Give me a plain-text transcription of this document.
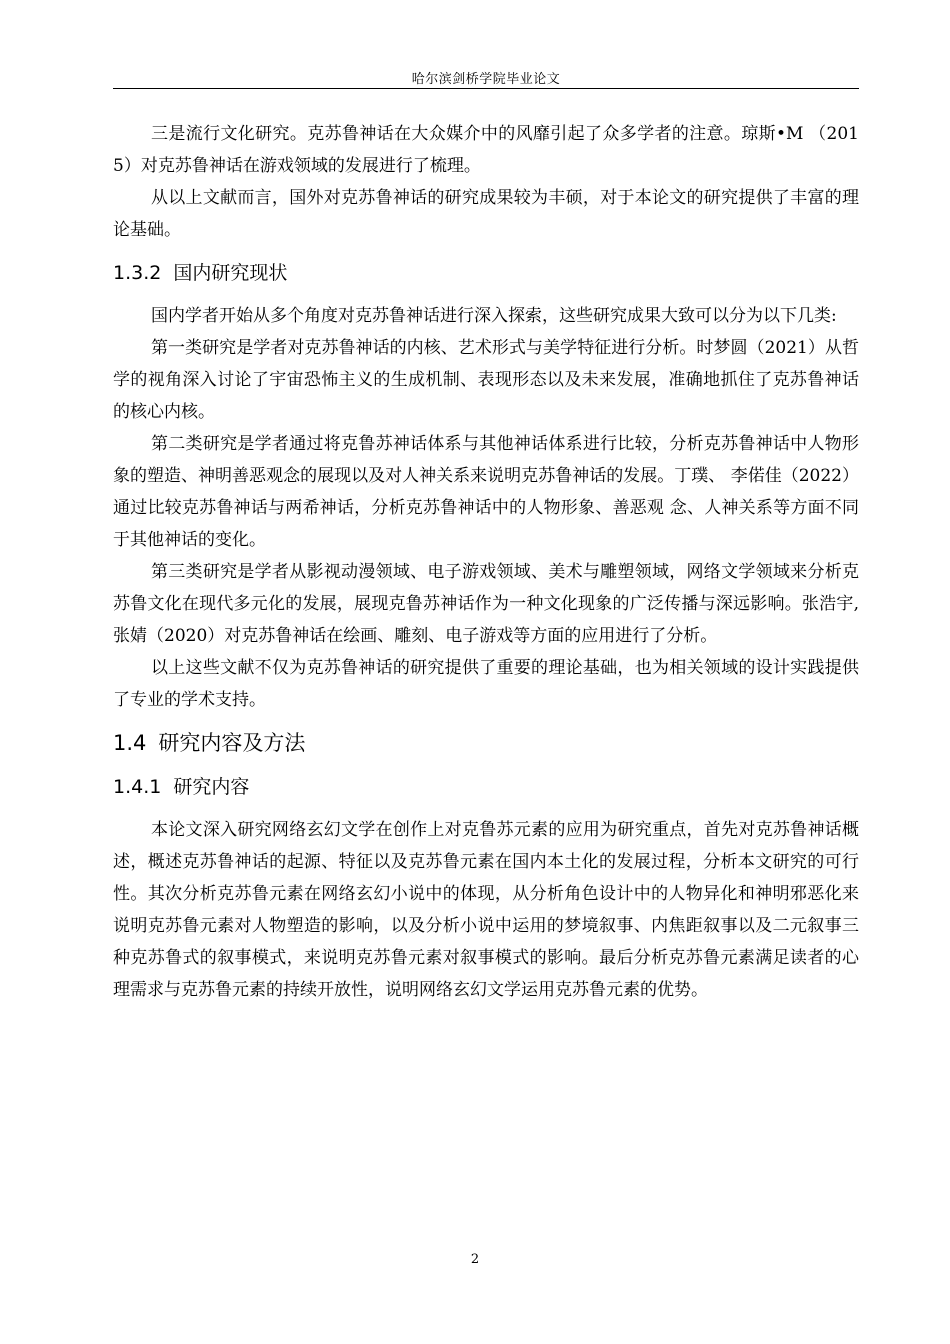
哈尔滨剑桥学院毕业论文

三是流行文化研究。克苏鲁神话在大众媒介中的风靡引起了众多学者的注意。琼斯•M （2015）对克苏鲁神话在游戏领域的发展进行了梳理。

从以上文献而言，国外对克苏鲁神话的研究成果较为丰硕，对于本论文的研究提供了丰富的理论基础。

1.3.2 国内研究现状

国内学者开始从多个角度对克苏鲁神话进行深入探索，这些研究成果大致可以分为以下几类:

第一类研究是学者对克苏鲁神话的内核、艺术形式与美学特征进行分析。时梦圆（2021）从哲学的视角深入讨论了宇宙恐怖主义的生成机制、表现形态以及未来发展，准确地抓住了克苏鲁神话的核心内核。

第二类研究是学者通过将克鲁苏神话体系与其他神话体系进行比较，分析克苏鲁神话中人物形象的塑造、神明善恶观念的展现以及对人神关系来说明克苏鲁神话的发展。丁璞、 李偌佳（2022）通过比较克苏鲁神话与两希神话，分析克苏鲁神话中的人物形象、善恶观 念、人神关系等方面不同于其他神话的变化。

第三类研究是学者从影视动漫领域、电子游戏领域、美术与雕塑领域，网络文学领域来分析克苏鲁文化在现代多元化的发展，展现克鲁苏神话作为一种文化现象的广泛传播与深远影响。张浩宇,张婧（2020）对克苏鲁神话在绘画、雕刻、电子游戏等方面的应用进行了分析。

以上这些文献不仅为克苏鲁神话的研究提供了重要的理论基础，也为相关领域的设计实践提供了专业的学术支持。

1.4 研究内容及方法
1.4.1 研究内容

本论文深入研究网络玄幻文学在创作上对克鲁苏元素的应用为研究重点，首先对克苏鲁神话概述，概述克苏鲁神话的起源、特征以及克苏鲁元素在国内本土化的发展过程，分析本文研究的可行性。其次分析克苏鲁元素在网络玄幻小说中的体现，从分析角色设计中的人物异化和神明邪恶化来说明克苏鲁元素对人物塑造的影响，以及分析小说中运用的梦境叙事、内焦距叙事以及二元叙事三种克苏鲁式的叙事模式，来说明克苏鲁元素对叙事模式的影响。最后分析克苏鲁元素满足读者的心理需求与克苏鲁元素的持续开放性，说明网络玄幻文学运用克苏鲁元素的优势。

2
